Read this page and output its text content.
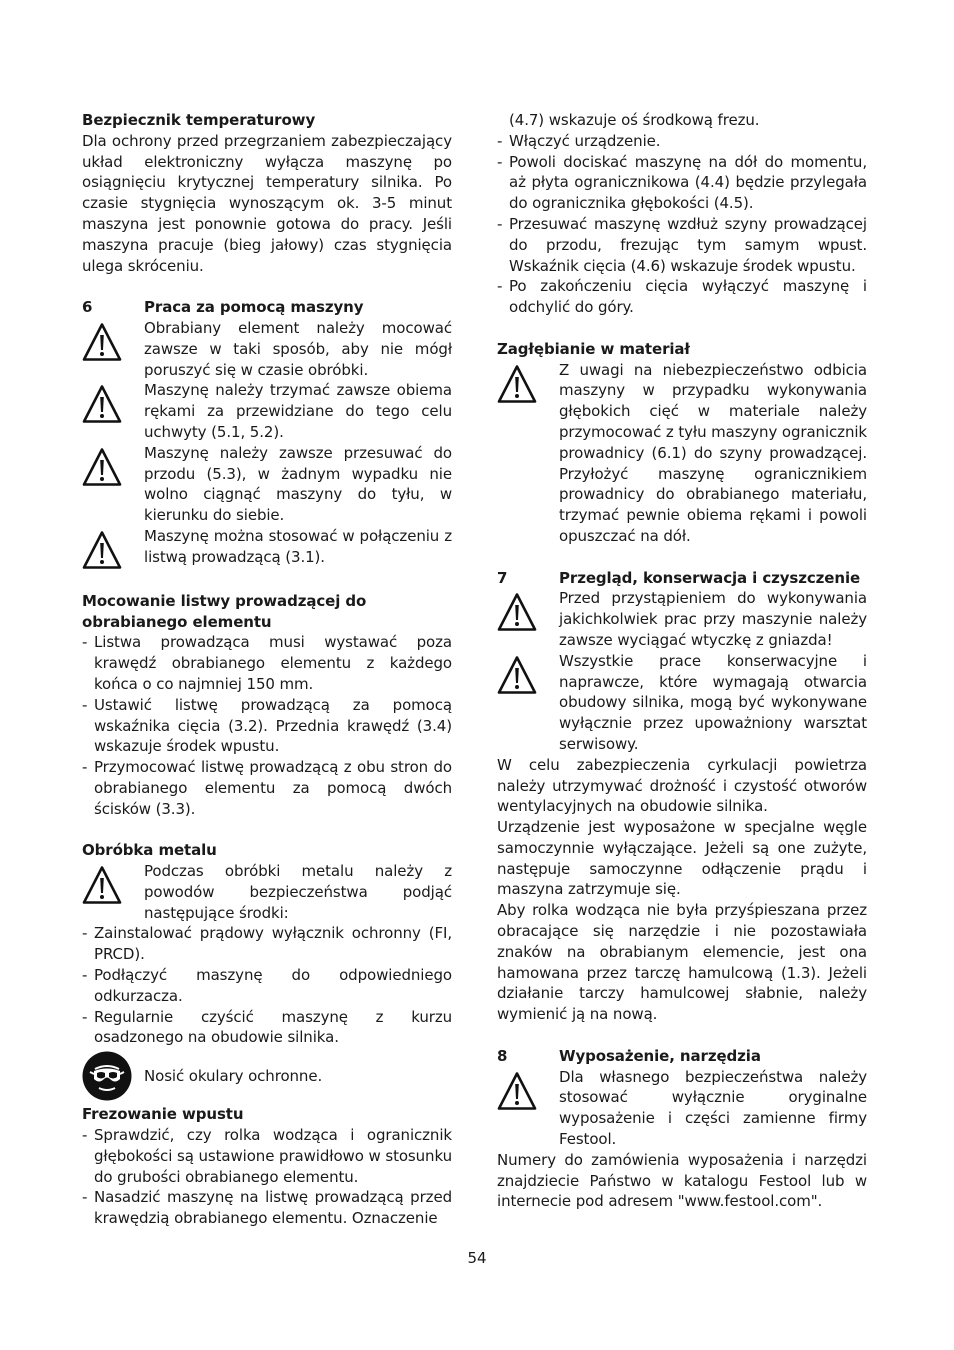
Bezpiecznik temperaturowy

Dla ochrony przed przegrzaniem zabezpieczający układ elektroniczny wyłącza maszynę po osiągnięciu krytycznej temperatury silnika. Po czasie stygnięcia wynoszącym ok. 3-5 minut maszyna jest ponownie gotowa do pracy. Jeśli maszyna pracuje (bieg jałowy) czas stygnięcia ulega skróceniu.

6	Praca za pomocą maszyny
Obrabiany element należy mocować zawsze w taki sposób, aby nie mógł poruszyć się w czasie obróbki.
Maszynę należy trzymać zawsze obiema rękami za przewidziane do tego celu uchwyty (5.1, 5.2).
Maszynę należy zawsze przesuwać do przodu (5.3), w żadnym wypadku nie wolno ciągnąć maszyny do tyłu, w kierunku do siebie.
Maszynę można stosować w połączeniu z listwą prowadzącą (3.1).

Mocowanie listwy prowadzącej do obrabianego elementu

- Listwa prowadząca musi wystawać poza krawędź obrabianego elementu z każdego końca o co najmniej 150 mm.
- Ustawić listwę prowadzącą za pomocą wskaźnika cięcia (3.2). Przednia krawędź (3.4) wskazuje środek wpustu.
- Przymocować listwę prowadzącą z obu stron do obrabianego elementu za pomocą dwóch ścisków (3.3).

Obróbka metalu

Podczas obróbki metalu należy z powodów bezpieczeństwa podjąć następujące środki:
- Zainstalować prądowy wyłącznik ochronny (FI, PRCD).
- Podłączyć maszynę do odpowiedniego odkurzacza.
- Regularnie czyścić maszynę z kurzu osadzonego na obudowie silnika.
Nosić okulary ochronne.

Frezowanie wpustu

- Sprawdzić, czy rolka wodząca i ogranicznik głębokości są ustawione prawidłowo w stosunku do grubości obrabianego elementu.
- Nasadzić maszynę na listwę prowadzącą przed krawędzią obrabianego elementu. Oznaczenie
(4.7) wskazuje oś środkową frezu.
- Włączyć urządzenie.
- Powoli dociskać maszynę na dół do momentu, aż płyta ogranicznikowa (4.4) będzie przylegała do ogranicznika głębokości (4.5).
- Przesuwać maszynę wzdłuż szyny prowadzącej do przodu, frezując tym samym wpust. Wskaźnik cięcia (4.6) wskazuje środek wpustu.
- Po zakończeniu cięcia wyłączyć maszynę i odchylić do góry.

Zagłębianie w materiał

Z uwagi na niebezpieczeństwo odbicia maszyny w przypadku wykonywania głębokich cięć w materiale należy przymocować z tyłu maszyny ogranicznik prowadnicy (6.1) do szyny prowadzącej. Przyłożyć maszynę ogranicznikiem prowadnicy do obrabianego materiału, trzymać pewnie obiema rękami i powoli opuszczać na dół.
7	Przegląd, konserwacja i czyszczenie
Przed przystąpieniem do wykonywania jakichkolwiek prac przy maszynie należy zawsze wyciągać wtyczkę z gniazda!
Wszystkie prace konserwacyjne i naprawcze, które wymagają otwarcia obudowy silnika, mogą być wykonywane wyłącznie przez upoważniony warsztat serwisowy.

W celu zabezpieczenia cyrkulacji powietrza należy utrzymywać drożność i czystość otworów wentylacyjnych na obudowie silnika.

Urządzenie jest wyposażone w specjalne węgle samoczynnie wyłączające. Jeżeli są one zużyte, następuje samoczynne odłączenie prądu i maszyna zatrzymuje się.

Aby rolka wodząca nie była przyśpieszana przez obracające się narzędzie i nie pozostawiała znaków na obrabianym elemencie, jest ona hamowana przez tarczę hamulcową (1.3). Jeżeli działanie tarczy hamulcowej słabnie, należy wymienić ją na nową.

8	Wyposażenie, narzędzia
Dla własnego bezpieczeństwa należy stosować wyłącznie oryginalne wyposażenie i części zamienne firmy Festool.

Numery do zamówienia wyposażenia i narzędzi znajdziecie Państwo w katalogu Festool lub w internecie pod adresem "www.festool.com".

54
